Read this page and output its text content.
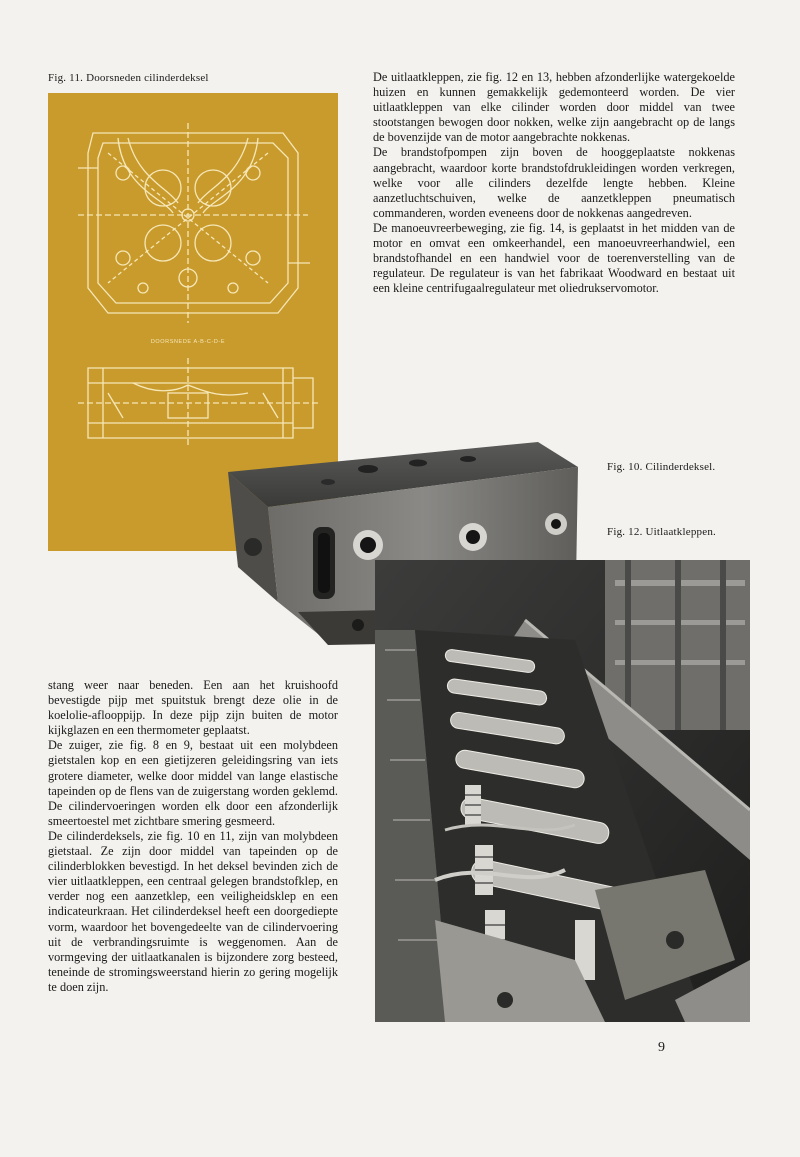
Fig. 11. Doorsneden cilinderdeksel
Fig. 10. Cilinderdeksel.
Fig. 12. Uitlaatkleppen.

De uitlaatkleppen, zie fig. 12 en 13, hebben afzonderlijke watergekoelde huizen en kunnen gemakkelijk gedemonteerd worden. De vier uitlaatkleppen van elke cilinder worden door middel van twee stootstangen bewogen door nokken, welke zijn aangebracht op de langs de bovenzijde van de motor aangebrachte nokkenas.

De brandstofpompen zijn boven de hooggeplaatste nokkenas aangebracht, waardoor korte brandstofdrukleidingen worden verkregen, welke voor alle cilinders dezelfde lengte hebben. Kleine aanzetluchtschuiven, welke de aanzetkleppen pneumatisch commanderen, worden eveneens door de nokkenas aangedreven.

De manoeuvreerbeweging, zie fig. 14, is geplaatst in het midden van de motor en omvat een omkeerhandel, een manoeuvreerhandwiel, een brandstofhandel en een handwiel voor de toerenverstelling van de regulateur. De regulateur is van het fabrikaat Woodward en bestaat uit een kleine centrifugaalregulateur met oliedrukservomotor.

DOORSNEDE A-B-C-D-E

stang weer naar beneden. Een aan het kruishoofd bevestigde pijp met spuitstuk brengt deze olie in de koelolie-aflooppijp. In deze pijp zijn buiten de motor kijkglazen en een thermometer geplaatst.

De zuiger, zie fig. 8 en 9, bestaat uit een molybdeen gietstalen kop en een gietijzeren geleidingsring van iets grotere diameter, welke door middel van lange elastische tapeinden op de flens van de zuigerstang worden geklemd. De cilindervoeringen worden elk door een afzonderlijk smeertoestel met zichtbare smering gesmeerd.

De cilinderdeksels, zie fig. 10 en 11, zijn van molybdeen gietstaal. Ze zijn door middel van tapeinden op de cilinderblokken bevestigd. In het deksel bevinden zich de vier uitlaatkleppen, een centraal gelegen brandstofklep, en verder nog een aanzetklep, een veiligheidsklep en een indicateurkraan. Het cilinderdeksel heeft een doorgediepte vorm, waardoor het bovengedeelte van de cilindervoering uit de verbrandingsruimte is weggenomen. Aan de vormgeving der uitlaatkanalen is bijzondere zorg besteed, teneinde de stromingsweerstand hierin zo gering mogelijk te doen zijn.

9
